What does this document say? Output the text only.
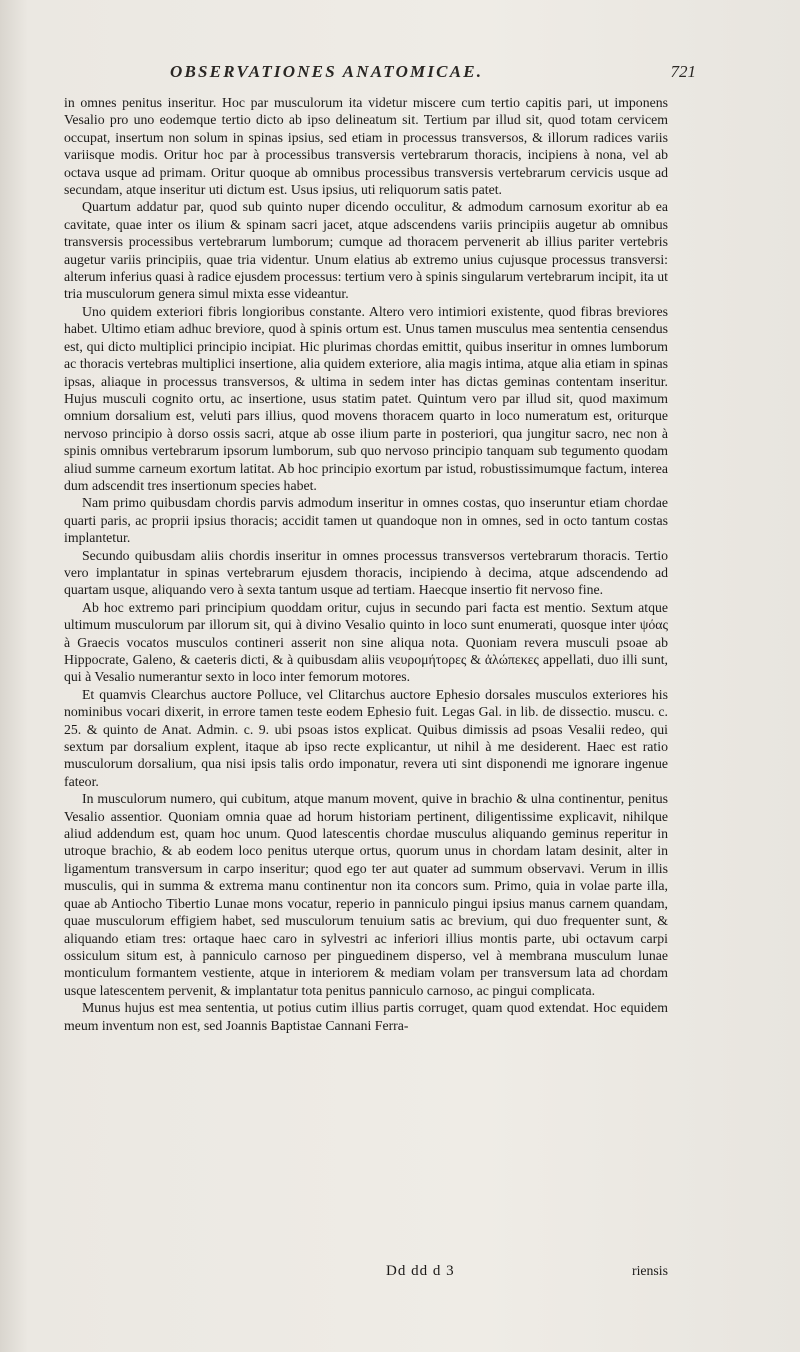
OBSERVATIONES ANATOMICAE.	721

in omnes penitus inseritur. Hoc par musculorum ita videtur miscere cum tertio capitis pari, ut imponens Vesalio pro uno eodemque tertio dicto ab ipso delineatum sit. Tertium par illud sit, quod totam cervicem occupat, insertum non solum in spinas ipsius, sed etiam in processus transversos, & illorum radices variis variisque modis. Oritur hoc par à processibus transversis vertebrarum thoracis, incipiens à nona, vel ab octava usque ad primam. Oritur quoque ab omnibus processibus transversis vertebrarum cervicis usque ad secundam, atque inseritur uti dictum est. Usus ipsius, uti reliquorum satis patet.

Quartum addatur par, quod sub quinto nuper dicendo occulitur, & admodum carnosum exoritur ab ea cavitate, quae inter os ilium & spinam sacri jacet, atque adscendens variis principiis augetur ab omnibus transversis processibus vertebrarum lumborum; cumque ad thoracem pervenerit ab illius pariter vertebris augetur variis principiis, quae tria videntur. Unum elatius ab extremo unius cujusque processus transversi: alterum inferius quasi à radice ejusdem processus: tertium vero à spinis singularum vertebrarum incipit, ita ut tria musculorum genera simul mixta esse videantur.

Uno quidem exteriori fibris longioribus constante. Altero vero intimiori existente, quod fibras breviores habet. Ultimo etiam adhuc breviore, quod à spinis ortum est. Unus tamen musculus mea sententia censendus est, qui dicto multiplici principio incipiat. Hic plurimas chordas emittit, quibus inseritur in omnes lumborum ac thoracis vertebras multiplici insertione, alia quidem exteriore, alia magis intima, atque alia etiam in spinas ipsas, aliaque in processus transversos, & ultima in sedem inter has dictas geminas contentam inseritur. Hujus musculi cognito ortu, ac insertione, usus statim patet. Quintum vero par illud sit, quod maximum omnium dorsalium est, veluti pars illius, quod movens thoracem quarto in loco numeratum est, oriturque nervoso principio à dorso ossis sacri, atque ab osse ilium parte in posteriori, qua jungitur sacro, nec non à spinis omnibus vertebrarum ipsorum lumborum, sub quo nervoso principio tanquam sub tegumento quodam aliud summe carneum exortum latitat. Ab hoc principio exortum par istud, robustissimumque factum, interea dum adscendit tres insertionum species habet.

Nam primo quibusdam chordis parvis admodum inseritur in omnes costas, quo inseruntur etiam chordae quarti paris, ac proprii ipsius thoracis; accidit tamen ut quandoque non in omnes, sed in octo tantum costas implantetur.

Secundo quibusdam aliis chordis inseritur in omnes processus transversos vertebrarum thoracis. Tertio vero implantatur in spinas vertebrarum ejusdem thoracis, incipiendo à decima, atque adscendendo ad quartam usque, aliquando vero à sexta tantum usque ad tertiam. Haecque insertio fit nervoso fine.

Ab hoc extremo pari principium quoddam oritur, cujus in secundo pari facta est mentio. Sextum atque ultimum musculorum par illorum sit, qui à divino Vesalio quinto in loco sunt enumerati, quosque inter ψόας à Graecis vocatos musculos contineri asserit non sine aliqua nota. Quoniam revera musculi psoae ab Hippocrate, Galeno, & caeteris dicti, & à quibusdam aliis νευρομήτορες & ἀλώπεκες appellati, duo illi sunt, qui à Vesalio numerantur sexto in loco inter femorum motores.

Et quamvis Clearchus auctore Polluce, vel Clitarchus auctore Ephesio dorsales musculos exteriores his nominibus vocari dixerit, in errore tamen teste eodem Ephesio fuit. Legas Gal. in lib. de dissectio. muscu. c. 25. & quinto de Anat. Admin. c. 9. ubi psoas istos explicat. Quibus dimissis ad psoas Vesalii redeo, qui sextum par dorsalium explent, itaque ab ipso recte explicantur, ut nihil à me desiderent. Haec est ratio musculorum dorsalium, qua nisi ipsis talis ordo imponatur, revera uti sint disponendi me ignorare ingenue fateor.

In musculorum numero, qui cubitum, atque manum movent, quive in brachio & ulna continentur, penitus Vesalio assentior. Quoniam omnia quae ad horum historiam pertinent, diligentissime explicavit, nihilque aliud addendum est, quam hoc unum. Quod latescentis chordae musculus aliquando geminus reperitur in utroque brachio, & ab eodem loco penitus uterque ortus, quorum unus in chordam latam desinit, alter in ligamentum transversum in carpo inseritur; quod ego ter aut quater ad summum observavi. Verum in illis musculis, qui in summa & extrema manu continentur non ita concors sum. Primo, quia in volae parte illa, quae ab Antiocho Tibertio Lunae mons vocatur, reperio in panniculo pingui ipsius manus carnem quandam, quae musculorum effigiem habet, sed musculorum tenuium satis ac brevium, qui duo frequenter sunt, & aliquando etiam tres: ortaque haec caro in sylvestri ac inferiori illius montis parte, ubi octavum carpi ossiculum situm est, à panniculo carnoso per pinguedinem dispersо, vel à membrana musculum lunae monticulum formantem vestiente, atque in interiorem & mediam volam per transversum lata ad chordam usque latescentem pervenit, & implantatur tota penitus panniculo carnoso, ac pingui complicata.

Munus hujus est mea sententia, ut potius cutim illius partis corruget, quam quod extendat. Hoc equidem meum inventum non est, sed Joannis Baptistae Cannani Ferra-

Dd dd d 3	riensis
